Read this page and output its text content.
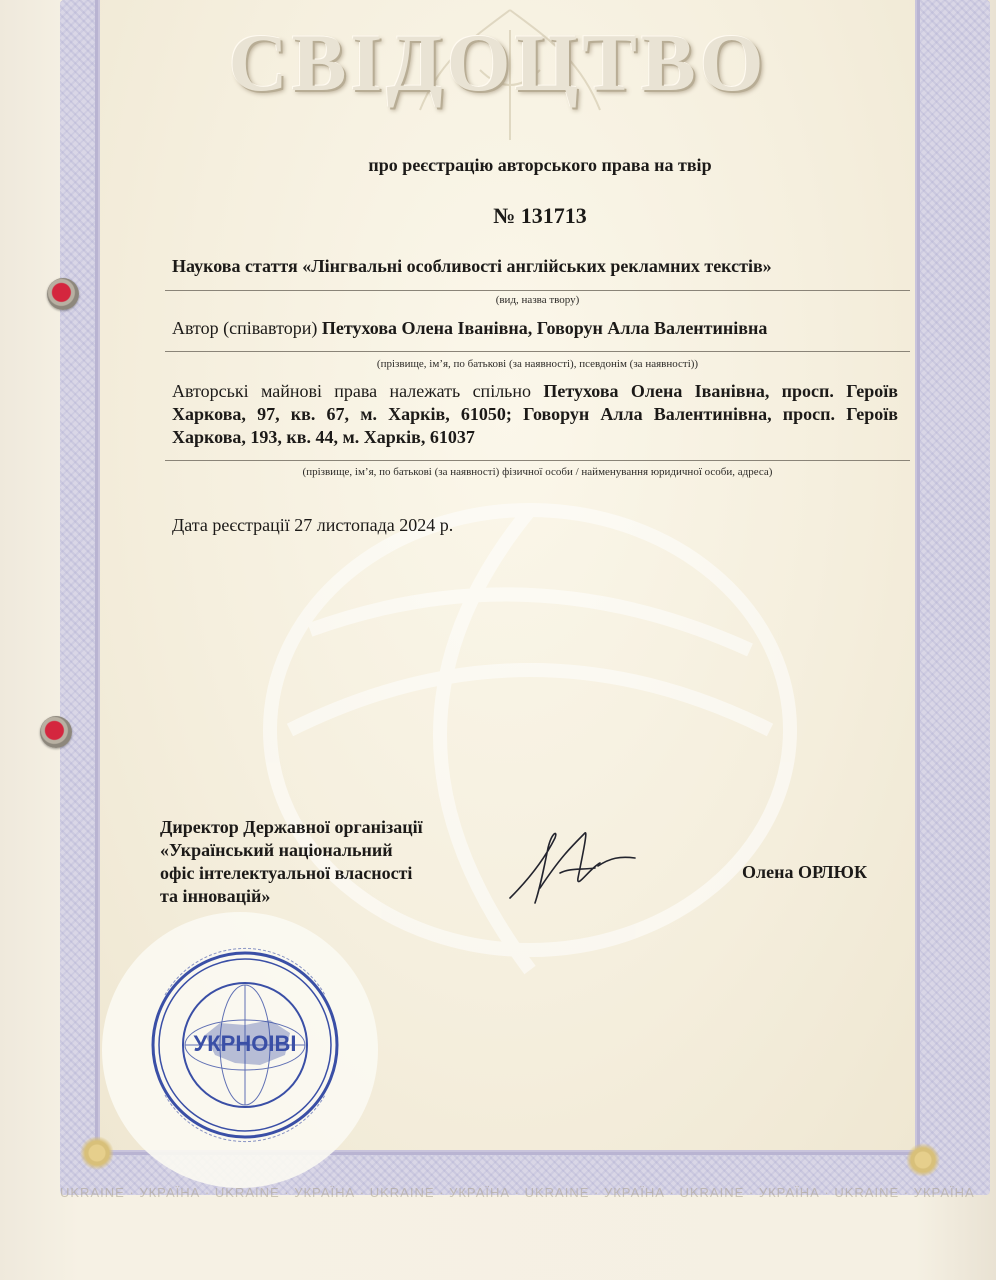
СВІДОЦТВО
про реєстрацію авторського права на твір
№ 131713
Наукова стаття «Лінгвальні особливості англійських рекламних текстів»
(вид, назва твору)
Автор (співавтори) Петухова Олена Іванівна, Говорун Алла Валентинівна
(прізвище, ім’я, по батькові (за наявності), псевдонім (за наявності))
Авторські майнові права належать спільно Петухова Олена Іванівна, просп. Героїв Харкова, 97, кв. 67, м. Харків, 61050; Говорун Алла Валентинівна, просп. Героїв Харкова, 193, кв. 44, м. Харків, 61037
(прізвище, ім’я, по батькові (за наявності) фізичної особи / найменування юридичної особи, адреса)
Дата реєстрації 27 листопада 2024 р.
Директор Державної організації
«Український національний
офіс інтелектуальної власності
та інновацій»
Олена ОРЛЮК
УКРНОІВІ
UKRAINE · УКРАЇНА · UKRAINE · УКРАЇНА · UKRAINE · УКРАЇНА · UKRAINE · УКРАЇНА · UKRAINE · УКРАЇНА · UKRAINE · УКРАЇНА
